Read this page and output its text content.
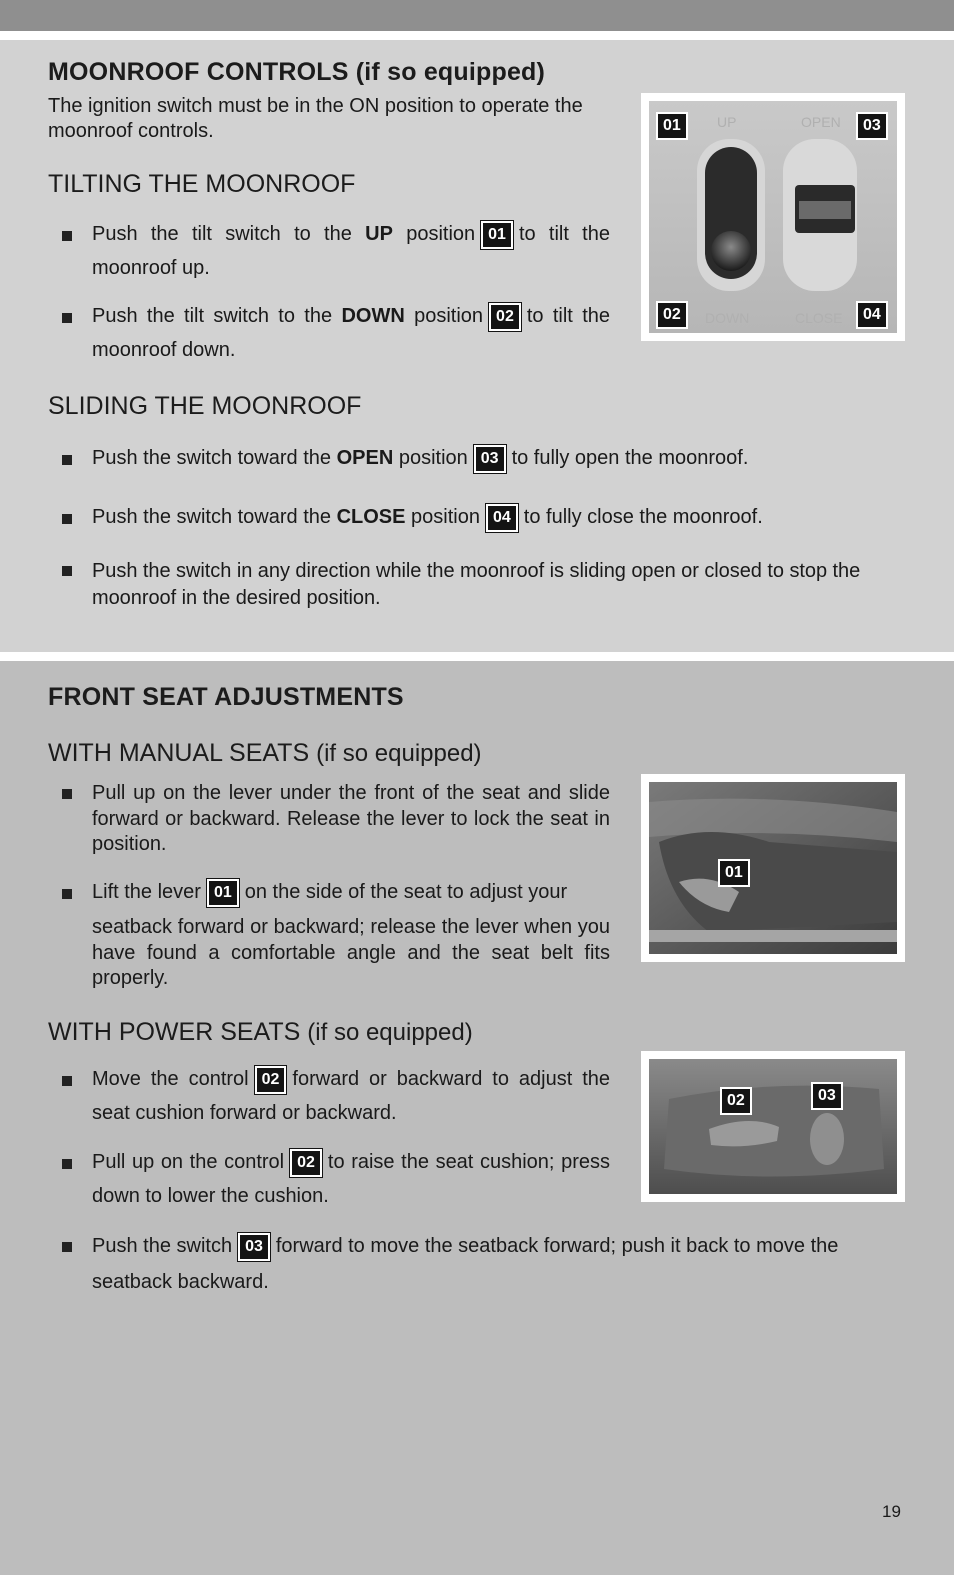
MOONROOF CONTROLS (if so equipped)

The ignition switch must be in the ON position to operate the moonroof controls.

TILTING THE MOONROOF

Push the tilt switch to the UP position 01 to tilt the moonroof up.

Push the tilt switch to the DOWN position 02 to tilt the moonroof down.

SLIDING THE MOONROOF

Push the switch toward the OPEN position 03 to fully open the moonroof.

Push the switch toward the CLOSE position 04 to fully close the moonroof.

Push the switch in any direction while the moonroof is sliding open or closed to stop the moonroof in the desired position.

UP	OPEN
DOWN	CLOSE
01	03
02	04
FRONT SEAT ADJUSTMENTS
WITH MANUAL SEATS (if so equipped)

Pull up on the lever under the front of the seat and slide forward or backward. Release the lever to lock the seat in position.

Lift the lever 01 on the side of the seat to adjust your

seatback forward or backward; release the lever when you have found a comfortable angle and the seat belt fits properly.

01
WITH POWER SEATS (if so equipped)

Move the control 02 forward or backward to adjust the seat cushion forward or backward.

Pull up on the control 02 to raise the seat cushion; press down to lower the cushion.

Push the switch 03 forward to move the seatback forward; push it back to move the seatback backward.

02	03
19
